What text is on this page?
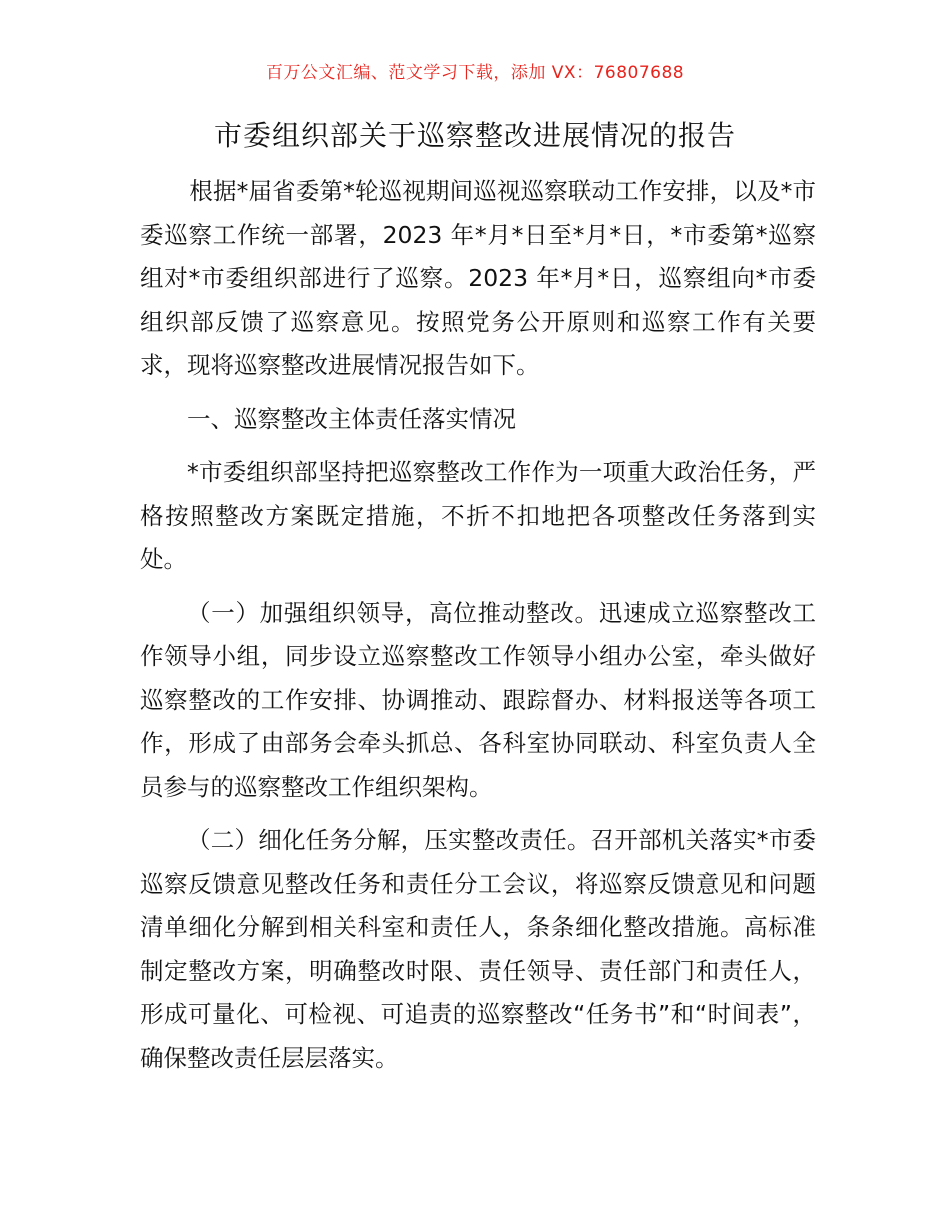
百万公文汇编、范文学习下载，添加 VX：76807688
市委组织部关于巡察整改进展情况的报告

根据*届省委第*轮巡视期间巡视巡察联动工作安排，以及*市委巡察工作统一部署，2023 年*月*日至*月*日，*市委第*巡察组对*市委组织部进行了巡察。2023 年*月*日，巡察组向*市委组织部反馈了巡察意见。按照党务公开原则和巡察工作有关要求，现将巡察整改进展情况报告如下。

一、巡察整改主体责任落实情况

*市委组织部坚持把巡察整改工作作为一项重大政治任务，严格按照整改方案既定措施，不折不扣地把各项整改任务落到实处。

（一）加强组织领导，高位推动整改。迅速成立巡察整改工作领导小组，同步设立巡察整改工作领导小组办公室，牵头做好巡察整改的工作安排、协调推动、跟踪督办、材料报送等各项工作，形成了由部务会牵头抓总、各科室协同联动、科室负责人全员参与的巡察整改工作组织架构。

（二）细化任务分解，压实整改责任。召开部机关落实*市委巡察反馈意见整改任务和责任分工会议，将巡察反馈意见和问题清单细化分解到相关科室和责任人，条条细化整改措施。高标准制定整改方案，明确整改时限、责任领导、责任部门和责任人，形成可量化、可检视、可追责的巡察整改“任务书”和“时间表”，确保整改责任层层落实。
